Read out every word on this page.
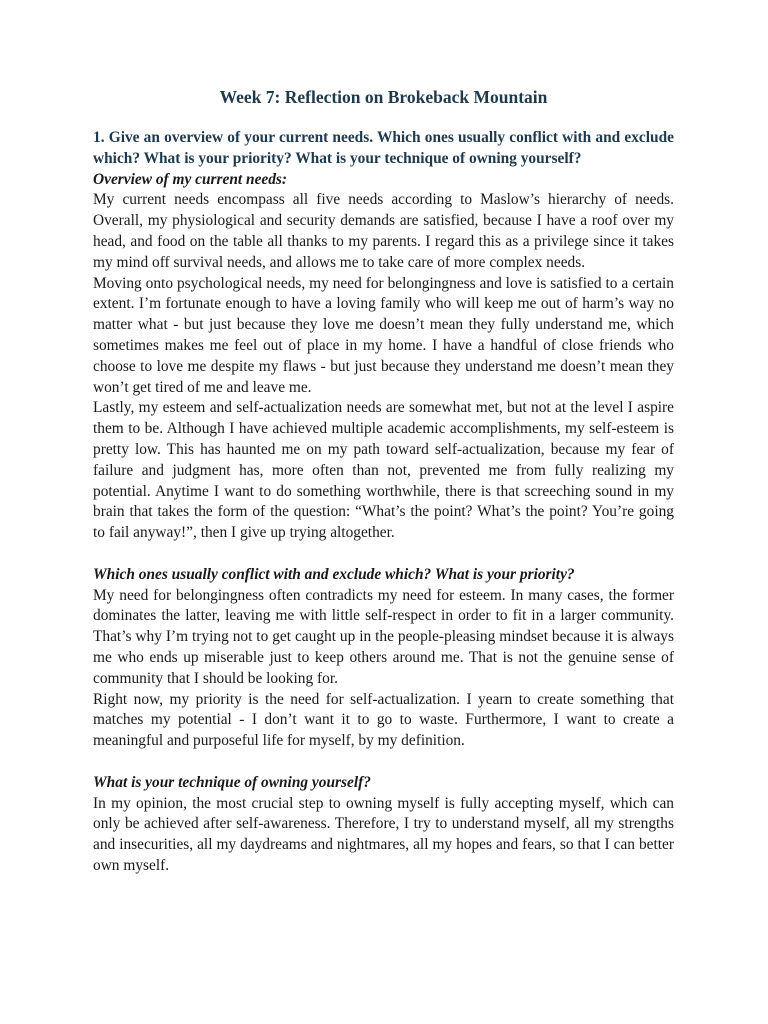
Week 7: Reflection on Brokeback Mountain

1. Give an overview of your current needs. Which ones usually conflict with and exclude which? What is your priority? What is your technique of owning yourself?

Overview of my current needs:

My current needs encompass all five needs according to Maslow’s hierarchy of needs. Overall, my physiological and security demands are satisfied, because I have a roof over my head, and food on the table all thanks to my parents. I regard this as a privilege since it takes my mind off survival needs, and allows me to take care of more complex needs.

Moving onto psychological needs, my need for belongingness and love is satisfied to a certain extent. I’m fortunate enough to have a loving family who will keep me out of harm’s way no matter what - but just because they love me doesn’t mean they fully understand me, which sometimes makes me feel out of place in my home. I have a handful of close friends who choose to love me despite my flaws - but just because they understand me doesn’t mean they won’t get tired of me and leave me.

Lastly, my esteem and self-actualization needs are somewhat met, but not at the level I aspire them to be. Although I have achieved multiple academic accomplishments, my self-esteem is pretty low. This has haunted me on my path toward self-actualization, because my fear of failure and judgment has, more often than not, prevented me from fully realizing my potential. Anytime I want to do something worthwhile, there is that screeching sound in my brain that takes the form of the question: “What’s the point? What’s the point? You’re going to fail anyway!”, then I give up trying altogether.

Which ones usually conflict with and exclude which? What is your priority?

My need for belongingness often contradicts my need for esteem. In many cases, the former dominates the latter, leaving me with little self-respect in order to fit in a larger community. That’s why I’m trying not to get caught up in the people-pleasing mindset because it is always me who ends up miserable just to keep others around me. That is not the genuine sense of community that I should be looking for.

Right now, my priority is the need for self-actualization. I yearn to create something that matches my potential - I don’t want it to go to waste. Furthermore, I want to create a meaningful and purposeful life for myself, by my definition.

What is your technique of owning yourself?

In my opinion, the most crucial step to owning myself is fully accepting myself, which can only be achieved after self-awareness. Therefore, I try to understand myself, all my strengths and insecurities, all my daydreams and nightmares, all my hopes and fears, so that I can better own myself.
